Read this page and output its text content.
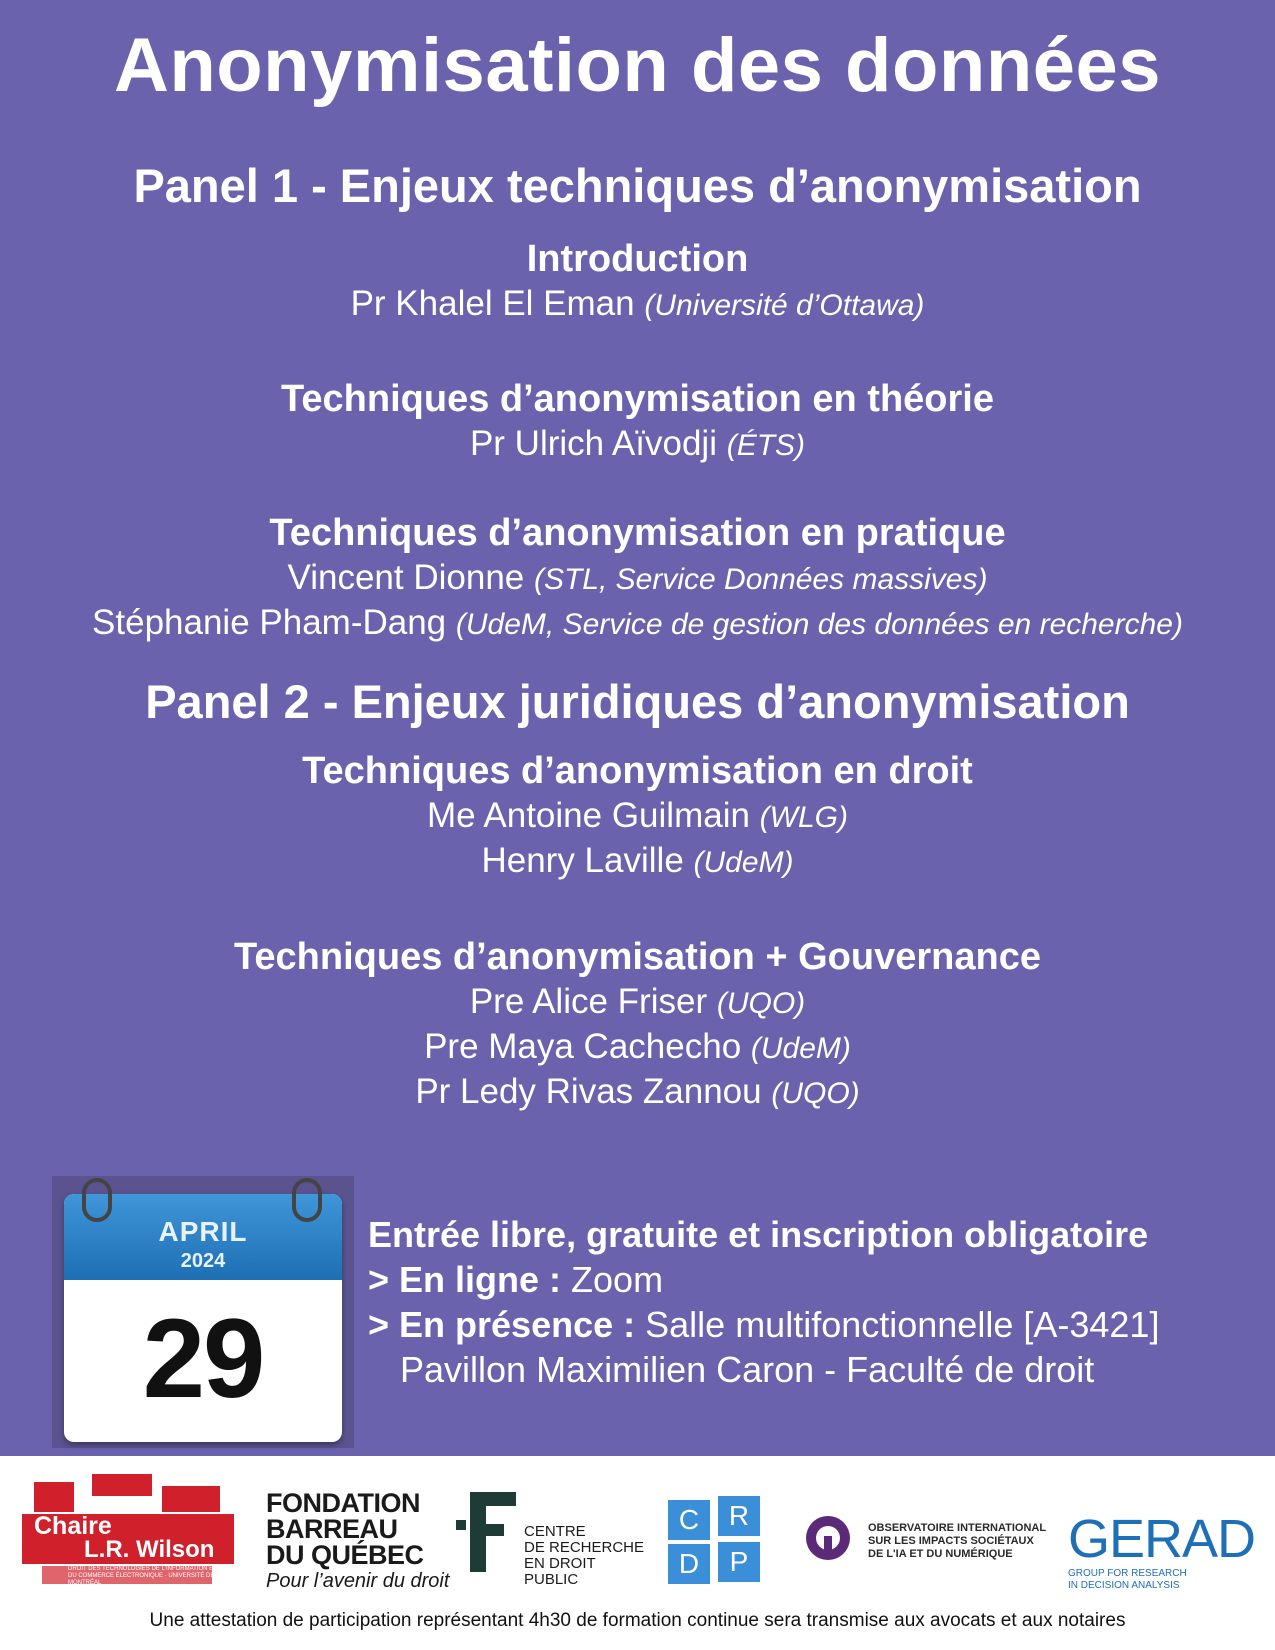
Anonymisation des données
Panel 1 - Enjeux techniques d’anonymisation
Introduction
Pr Khalel El Eman (Université d’Ottawa)
Techniques d’anonymisation en théorie
Pr Ulrich Aïvodji (ÉTS)
Techniques d’anonymisation en pratique
Vincent Dionne (STL, Service Données massives)
Stéphanie Pham-Dang (UdeM, Service de gestion des données en recherche)
Panel 2 - Enjeux juridiques d’anonymisation
Techniques d’anonymisation en droit
Me Antoine Guilmain (WLG)
Henry Laville (UdeM)
Techniques d’anonymisation + Gouvernance
Pre Alice Friser (UQO)
Pre Maya Cachecho (UdeM)
Pr Ledy Rivas Zannou (UQO)
APRIL
2024
29
Entrée libre, gratuite et inscription obligatoire
> En ligne : Zoom
> En présence : Salle multifonctionnelle [A-3421]
Pavillon Maximilien Caron - Faculté de droit
Chaire
L.R. Wilson
DROIT DES TECHNOLOGIES DE L'INFORMATION ET DU COMMERCE ÉLECTRONIQUE · UNIVERSITÉ DE MONTRÉAL
FONDATION
BARREAU
DU QUÉBEC
Pour l’avenir du droit
CENTRE
DE RECHERCHE
EN DROIT
PUBLIC
C	R
D	P
OBSERVATOIRE INTERNATIONAL
SUR LES IMPACTS SOCIÉTAUX
DE L'IA ET DU NUMÉRIQUE	GERAD
GROUP FOR RESEARCH
IN DECISION ANALYSIS
Une attestation de participation représentant 4h30 de formation continue sera transmise aux avocats et aux notaires
